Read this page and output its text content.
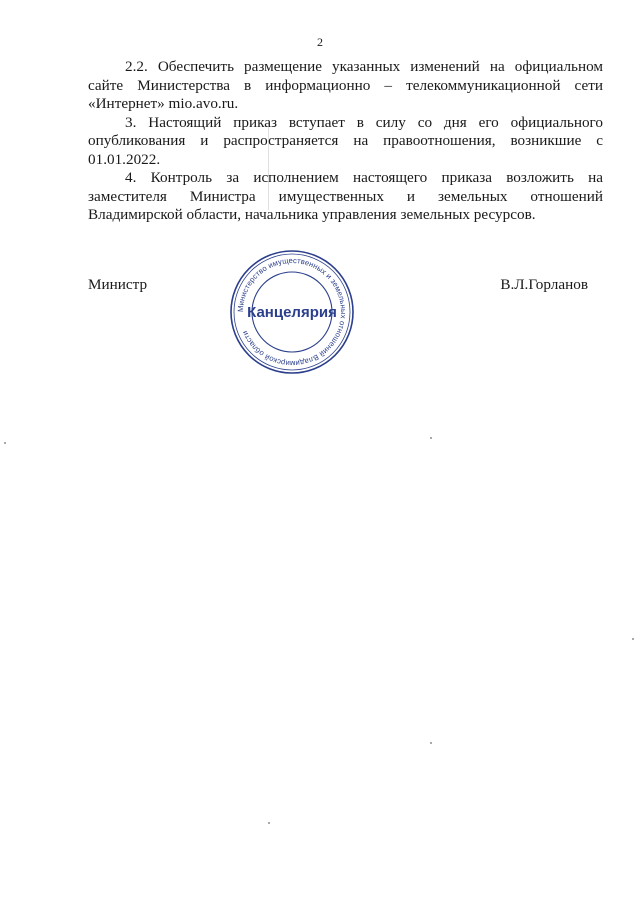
2

2.2. Обеспечить размещение указанных изменений на официальном сайте Министерства в информационно – телекоммуникационной сети «Интернет» mio.avo.ru.

3. Настоящий приказ вступает в силу со дня его официального опубликования и распространяется на правоотношения, возникшие с 01.01.2022.

4. Контроль за исполнением настоящего приказа возложить на заместителя Министра имущественных и земельных отношений Владимирской области, начальника управления земельных ресурсов.

Министр	В.Л.Горланов
Министерство имущественных и земельных отношений Владимирской области
Канцелярия
